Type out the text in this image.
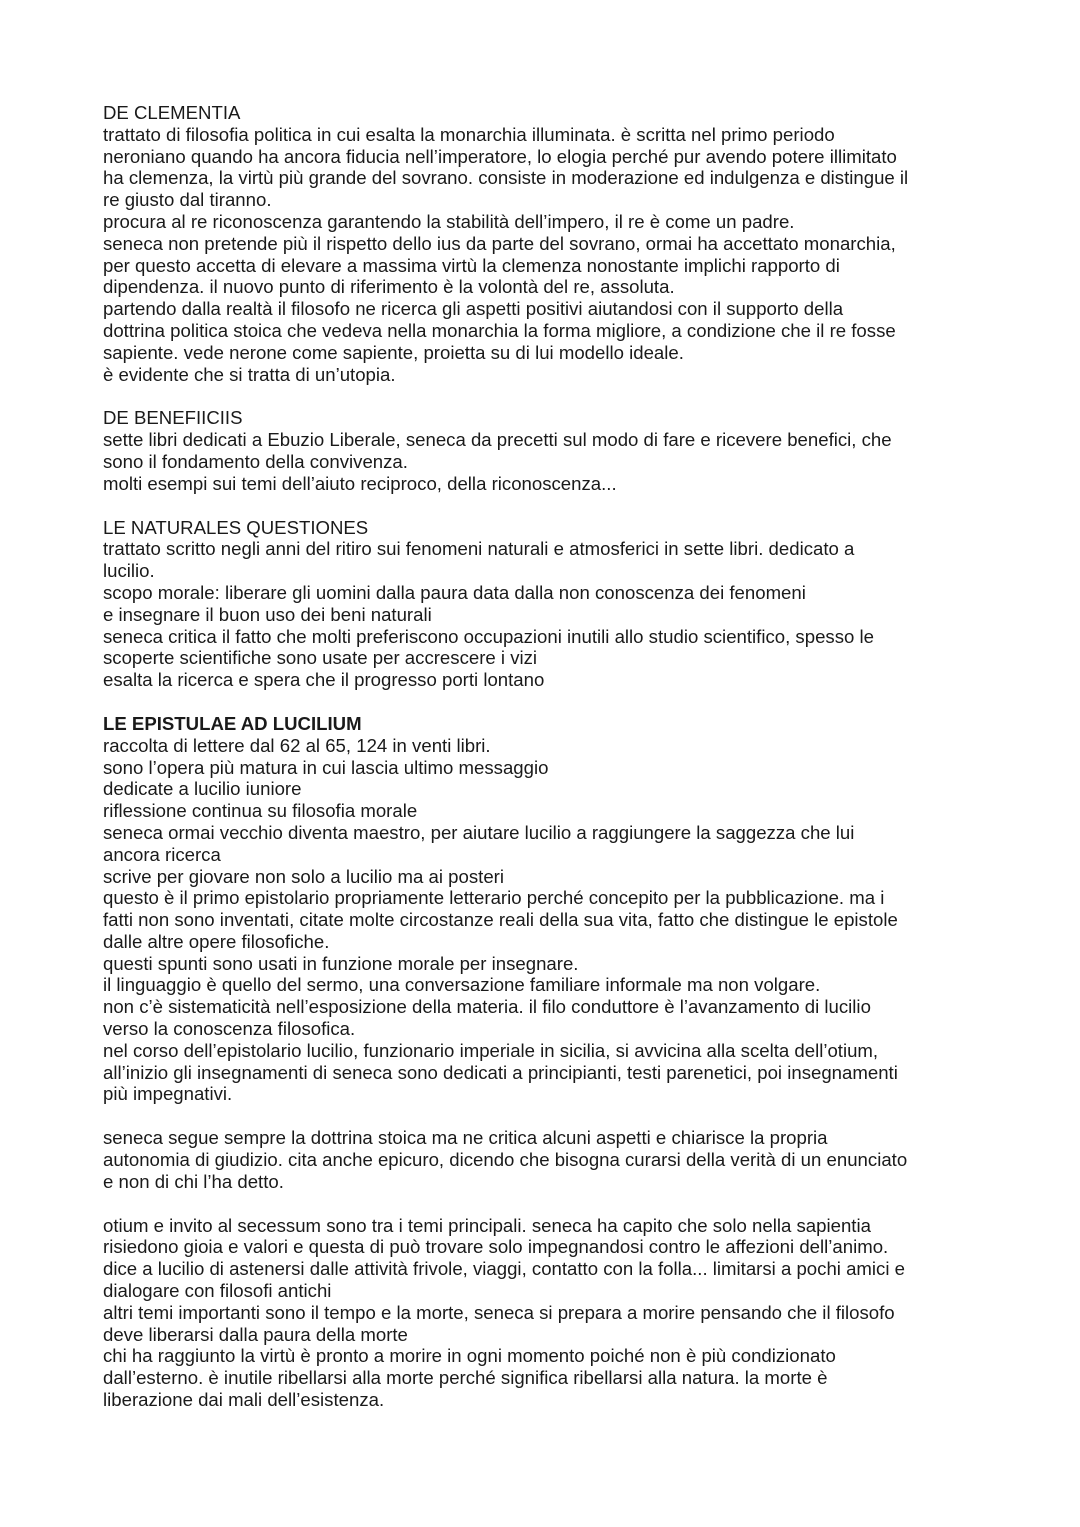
DE CLEMENTIA
trattato di filosofia politica in cui esalta la monarchia illuminata. è scritta nel primo periodo
neroniano quando ha ancora fiducia nell’imperatore, lo elogia perché pur avendo potere illimitato
ha clemenza, la virtù più grande del sovrano. consiste in moderazione ed indulgenza e distingue il
re giusto dal tiranno.
procura al re riconoscenza garantendo la stabilità dell’impero, il re è come un padre.
seneca non pretende più il rispetto dello ius da parte del sovrano, ormai ha accettato monarchia,
per questo accetta di elevare a massima virtù la clemenza nonostante implichi rapporto di
dipendenza. il nuovo punto di riferimento è la volontà del re, assoluta.
partendo dalla realtà il filosofo ne ricerca gli aspetti positivi aiutandosi con il supporto della
dottrina politica stoica che vedeva nella monarchia la forma migliore, a condizione che il re fosse
sapiente. vede nerone come sapiente, proietta su di lui modello ideale.
è evidente che si tratta di un’utopia.
DE BENEFIICIIS
sette libri dedicati a Ebuzio Liberale, seneca da precetti sul modo di fare e ricevere benefici, che
sono il fondamento della convivenza.
molti esempi sui temi dell’aiuto reciproco, della riconoscenza...
LE NATURALES QUESTIONES
trattato scritto negli anni del ritiro sui fenomeni naturali e atmosferici in sette libri. dedicato a
lucilio.
scopo morale: liberare gli uomini dalla paura data dalla non conoscenza dei fenomeni
e insegnare il buon uso dei beni naturali
seneca critica il fatto che molti preferiscono occupazioni inutili allo studio scientifico, spesso le
scoperte scientifiche sono usate per accrescere i vizi
esalta la ricerca e spera che il progresso porti lontano
LE EPISTULAE AD LUCILIUM
raccolta di lettere dal 62 al 65, 124 in venti libri.
sono l’opera più matura in cui lascia ultimo messaggio
dedicate a lucilio iuniore
riflessione continua su filosofia morale
seneca ormai vecchio diventa maestro, per aiutare lucilio a raggiungere la saggezza che lui
ancora ricerca
scrive per giovare non solo a lucilio ma ai posteri
questo è il primo epistolario propriamente letterario perché concepito per la pubblicazione. ma i
fatti non sono inventati, citate molte circostanze reali della sua vita, fatto che distingue le epistole
dalle altre opere filosofiche.
questi spunti sono usati in funzione morale per insegnare.
il linguaggio è quello del sermo, una conversazione familiare informale ma non volgare.
non c’è sistematicità nell’esposizione della materia. il filo conduttore è l’avanzamento di lucilio
verso la conoscenza filosofica.
nel corso dell’epistolario lucilio, funzionario imperiale in sicilia, si avvicina alla scelta dell’otium,
all’inizio gli insegnamenti di seneca sono dedicati a principianti, testi parenetici, poi insegnamenti
più impegnativi.
seneca segue sempre la dottrina stoica ma ne critica alcuni aspetti e chiarisce la propria
autonomia di giudizio. cita anche epicuro, dicendo che bisogna curarsi della verità di un enunciato
e non di chi l’ha detto.
otium e invito al secessum sono tra i temi principali. seneca ha capito che solo nella sapientia
risiedono gioia e valori e questa di può trovare solo impegnandosi contro le affezioni dell’animo.
dice a lucilio di astenersi dalle attività frivole, viaggi, contatto con la folla... limitarsi a pochi amici e
dialogare con filosofi antichi
altri temi importanti sono il tempo e la morte, seneca si prepara a morire pensando che il filosofo
deve liberarsi dalla paura della morte
chi ha raggiunto la virtù è pronto a morire in ogni momento poiché non è più condizionato
dall’esterno. è inutile ribellarsi alla morte perché significa ribellarsi alla natura. la morte è
liberazione dai mali dell’esistenza.
